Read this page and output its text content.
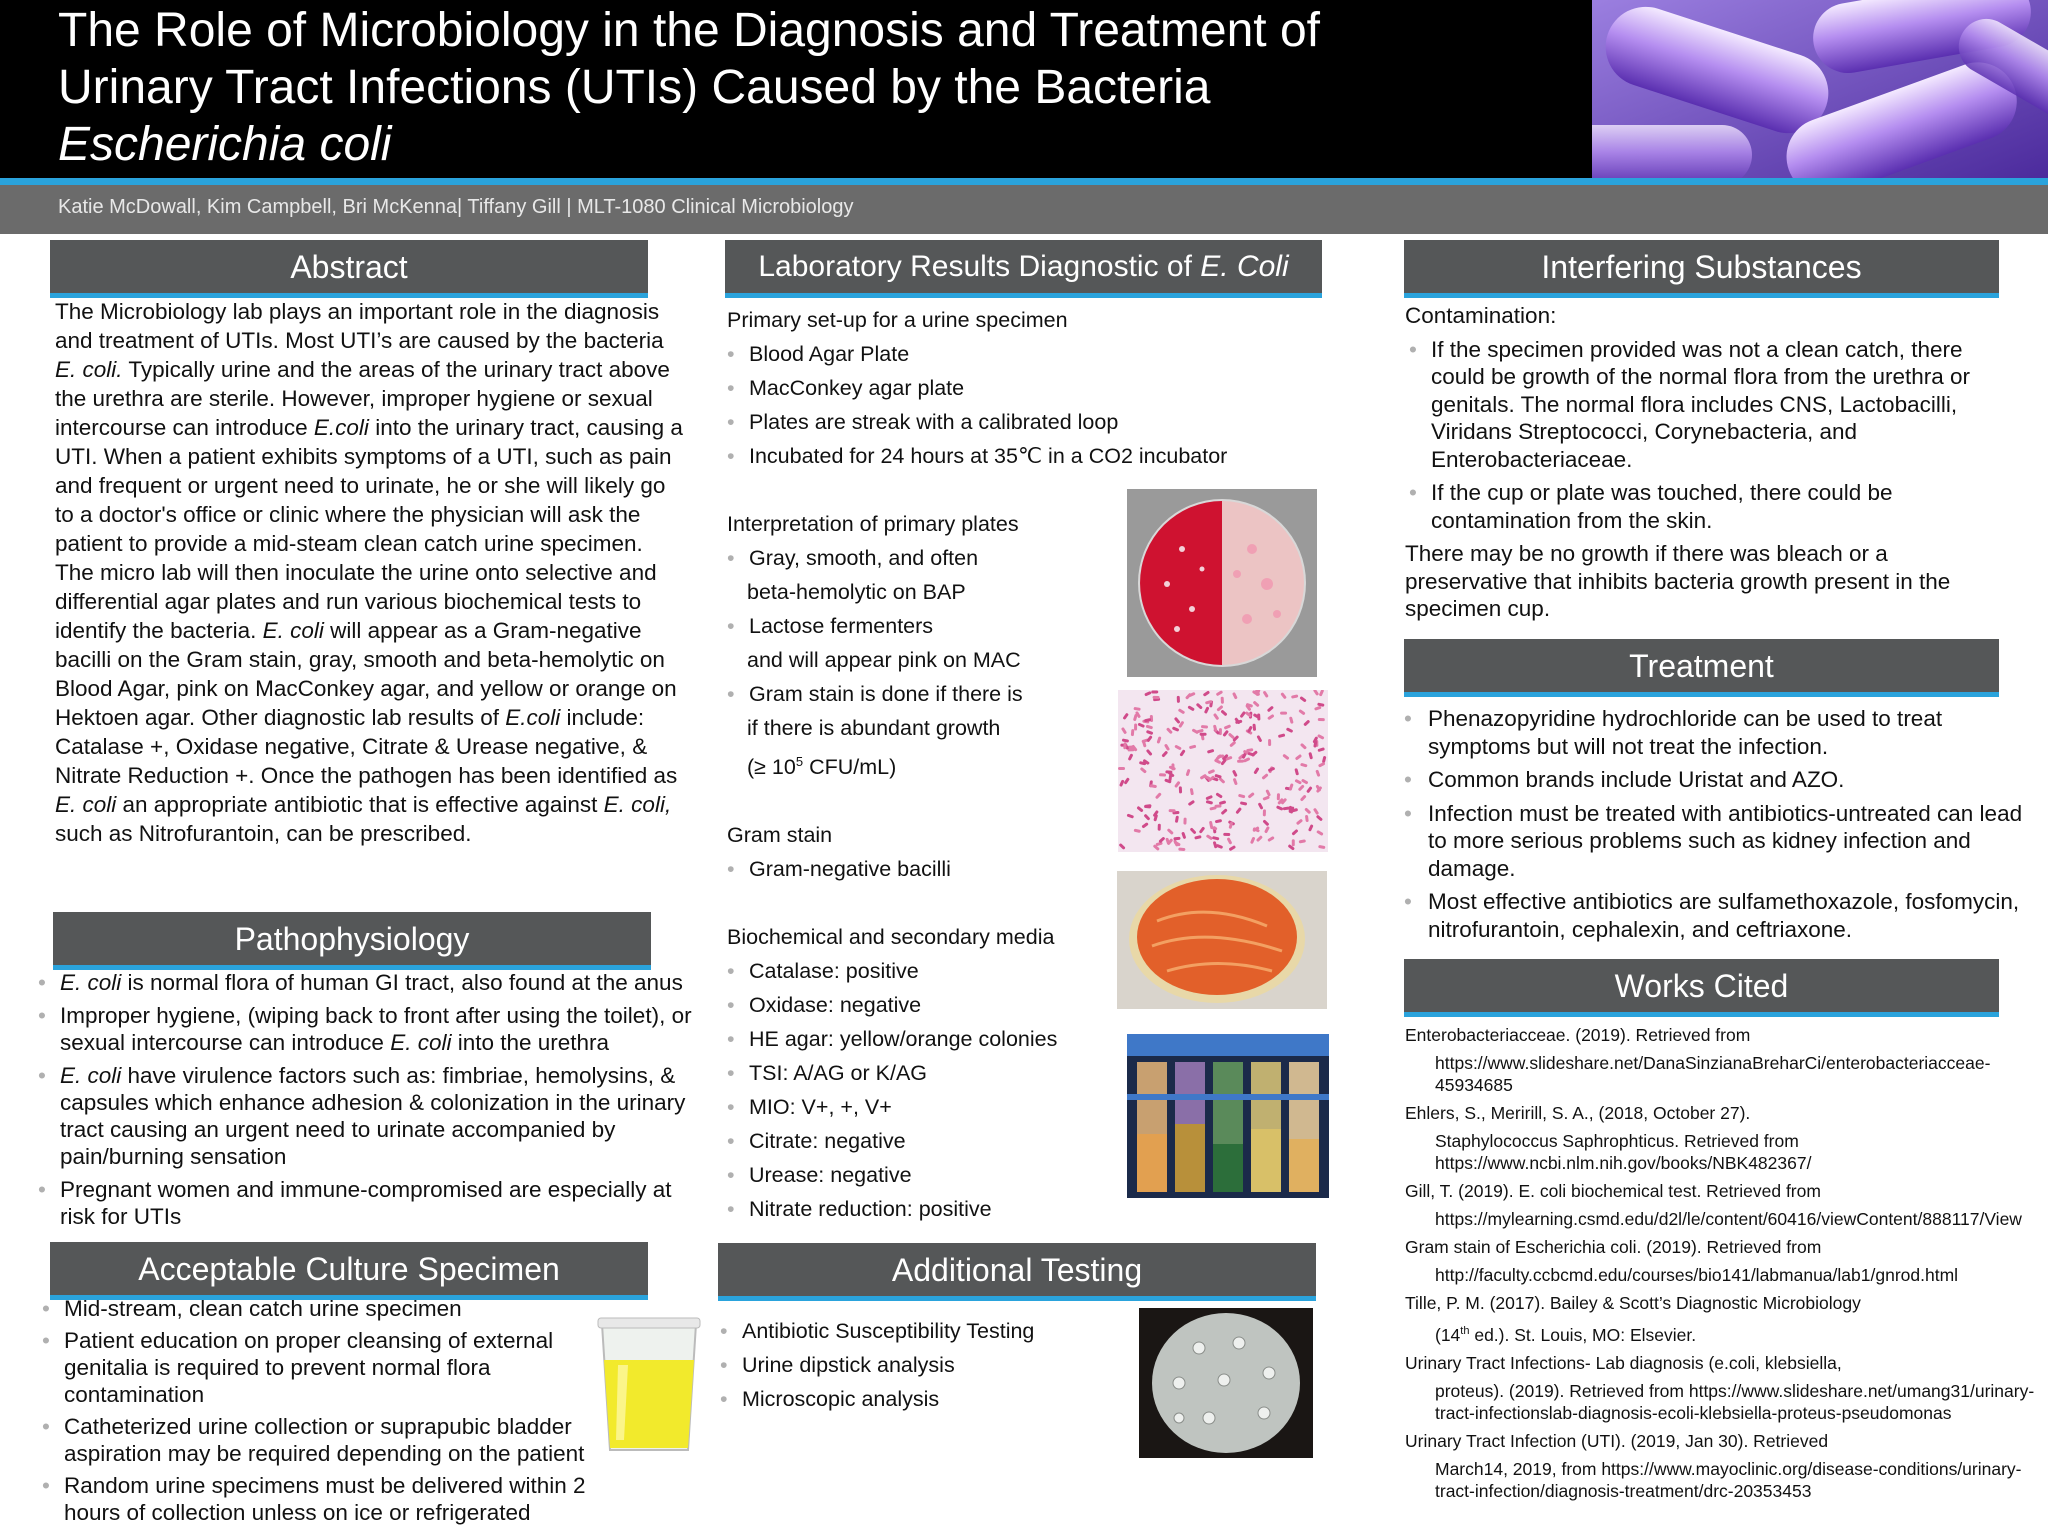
The Role of Microbiology in the Diagnosis and Treatment of
Urinary Tract Infections (UTIs) Caused by the Bacteria
Escherichia coli
Katie McDowall, Kim Campbell, Bri McKenna| Tiffany Gill | MLT-1080 Clinical Microbiology
Abstract
The Microbiology lab plays an important role in the diagnosis and treatment of UTIs. Most UTI’s are caused by the bacteria E. coli. Typically urine and the areas of the urinary tract above the urethra are sterile. However, improper hygiene or sexual intercourse can introduce E.coli into the urinary tract, causing a UTI. When a patient exhibits symptoms of a UTI, such as pain and frequent or urgent need to urinate, he or she will likely go to a doctor's office or clinic where the physician will ask the patient to provide a mid-steam clean catch urine specimen. The micro lab will then inoculate the urine onto selective and differential agar plates and run various biochemical tests to identify the bacteria. E. coli will appear as a Gram-negative bacilli on the Gram stain, gray, smooth and beta-hemolytic on Blood Agar, pink on MacConkey agar, and yellow or orange on Hektoen agar. Other diagnostic lab results of E.coli include: Catalase +, Oxidase negative, Citrate & Urease negative, & Nitrate Reduction +. Once the pathogen has been identified as E. coli an appropriate antibiotic that is effective against E. coli, such as Nitrofurantoin, can be prescribed.
Pathophysiology
• E. coli is normal flora of human GI tract, also found at the anus
• Improper hygiene, (wiping back to front after using the toilet), or sexual intercourse can introduce E. coli into the urethra
• E. coli have virulence factors such as: fimbriae, hemolysins, & capsules which enhance adhesion & colonization in the urinary tract causing an urgent need to urinate accompanied by pain/burning sensation
• Pregnant women and immune-compromised are especially at risk for UTIs
Acceptable Culture Specimen
• Mid-stream, clean catch urine specimen
• Patient education on proper cleansing of external genitalia is required to prevent normal flora contamination
• Catheterized urine collection or suprapubic bladder aspiration may be required depending on the patient
• Random urine specimens must be delivered within 2 hours of collection unless on ice or refrigerated
Laboratory Results Diagnostic of E. Coli
Primary set-up for a urine specimen
• Blood Agar Plate
• MacConkey agar plate
• Plates are streak with a calibrated loop
• Incubated for 24 hours at 35℃ in a CO2 incubator
Interpretation of primary plates
• Gray, smooth, and often
beta-hemolytic on BAP
• Lactose fermenters
and will appear pink on MAC
• Gram stain is done if there is
if there is abundant growth
(≥ $10^5$ CFU/mL)
Gram stain
• Gram-negative bacilli
Biochemical and secondary media
• Catalase: positive
• Oxidase: negative
• HE agar: yellow/orange colonies
• TSI: A/AG or K/AG
• MIO: V+, +, V+
• Citrate: negative
• Urease: negative
• Nitrate reduction: positive
Additional Testing
• Antibiotic Susceptibility Testing
• Urine dipstick analysis
• Microscopic analysis
Interfering Substances
Contamination:
• If the specimen provided was not a clean catch, there could be growth of the normal flora from the urethra or genitals. The normal flora includes CNS, Lactobacilli, Viridans Streptococci, Corynebacteria, and Enterobacteriaceae.
• If the cup or plate was touched, there could be contamination from the skin.
There may be no growth if there was bleach or a preservative that inhibits bacteria growth present in the specimen cup.
Treatment
• Phenazopyridine hydrochloride can be used to treat symptoms but will not treat the infection.
• Common brands include Uristat and AZO.
• Infection must be treated with antibiotics-untreated can lead to more serious problems such as kidney infection and damage.
• Most effective antibiotics are sulfamethoxazole, fosfomycin, nitrofurantoin, cephalexin, and ceftriaxone.
Works Cited

Enterobacteriacceae. (2019). Retrieved from

https://www.slideshare.net/DanaSinzianaBreharCi/enterobacteriacceae-45934685

Ehlers, S., Meririll, S. A., (2018, October 27).

Staphylococcus Saphrophticus. Retrieved from https://www.ncbi.nlm.nih.gov/books/NBK482367/

Gill, T. (2019). E. coli biochemical test. Retrieved from

https://mylearning.csmd.edu/d2l/le/content/60416/viewContent/888117/View

Gram stain of Escherichia coli. (2019). Retrieved from

http://faculty.ccbcmd.edu/courses/bio141/labmanua/lab1/gnrod.html

Tille, P. M. (2017). Bailey & Scott’s Diagnostic Microbiology

(14th ed.). St. Louis, MO: Elsevier.

Urinary Tract Infections- Lab diagnosis (e.coli, klebsiella,

proteus). (2019). Retrieved from https://www.slideshare.net/umang31/urinary-tract-infectionslab-diagnosis-ecoli-klebsiella-proteus-pseudomonas

Urinary Tract Infection (UTI). (2019, Jan 30). Retrieved

March14, 2019, from https://www.mayoclinic.org/disease-conditions/urinary-tract-infection/diagnosis-treatment/drc-20353453
